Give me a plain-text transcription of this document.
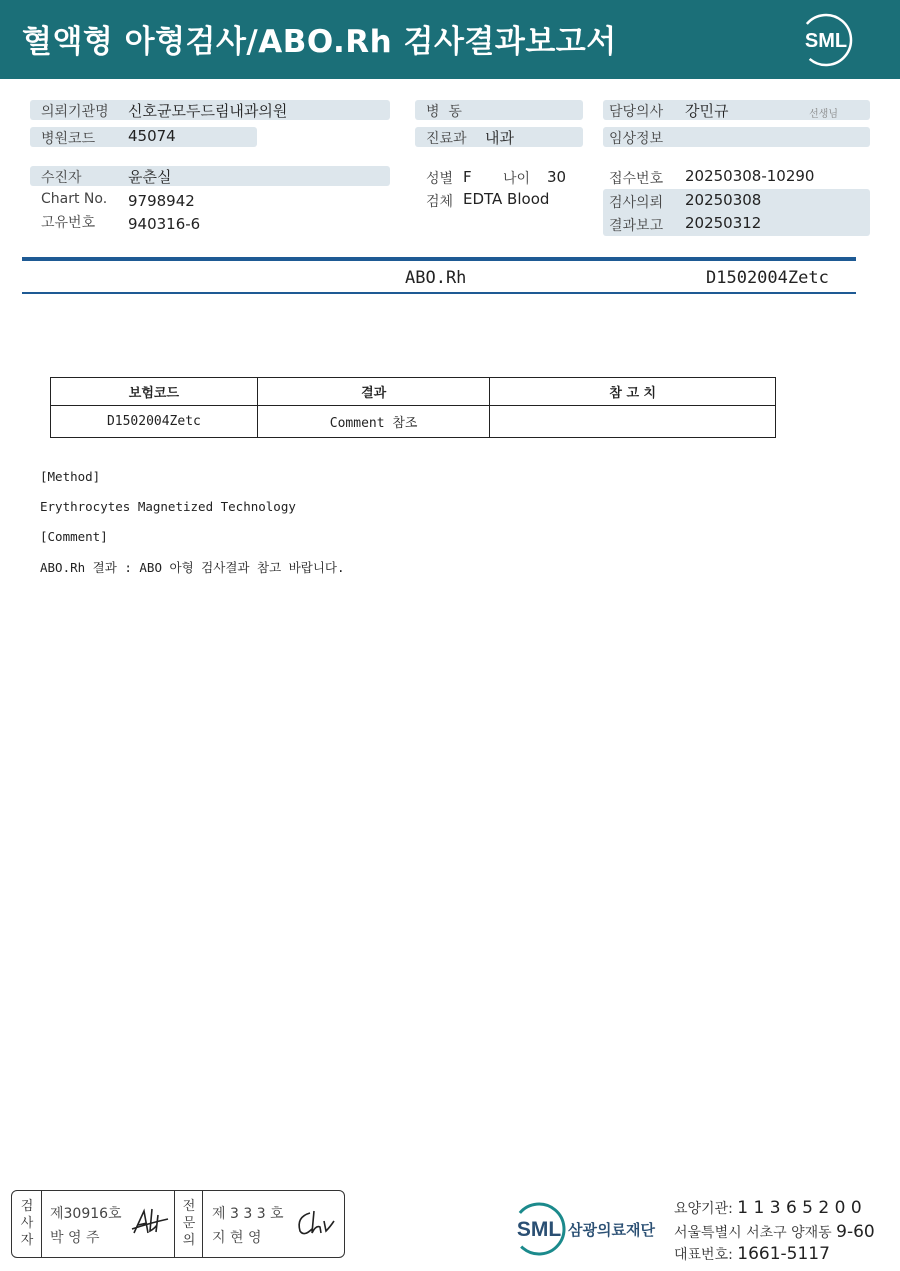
혈액형 아형검사/ABO.Rh 검사결과보고서	SML
의뢰기관명 신호균모두드림내과의원
병원코드 45074
수진자	윤춘실
Chart No. 9798942
고유번호 940316-6
병  동
진료과 내과
성별 F 나이 30
검체 EDTA Blood
담당의사 강민규	선생님
임상정보
접수번호 20250308-10290
검사의뢰 20250308
결과보고 20250312
ABO.Rh	D1502004Zetc
보험코드	결과	참 고 치
D1502004Zetc	Comment 참조	
[Method]
Erythrocytes Magnetized Technology
[Comment]
ABO.Rh 결과 : ABO 아형 검사결과 참고 바랍니다.
검사자
제30916호
박 영 주
전문의
제 3 3 3 호
지 현 영	SML 삼광의료재단
요양기관: 1 1 3 6 5 2 0 0
서울특별시 서초구 양재동 9-60
대표번호: 1661-5117
